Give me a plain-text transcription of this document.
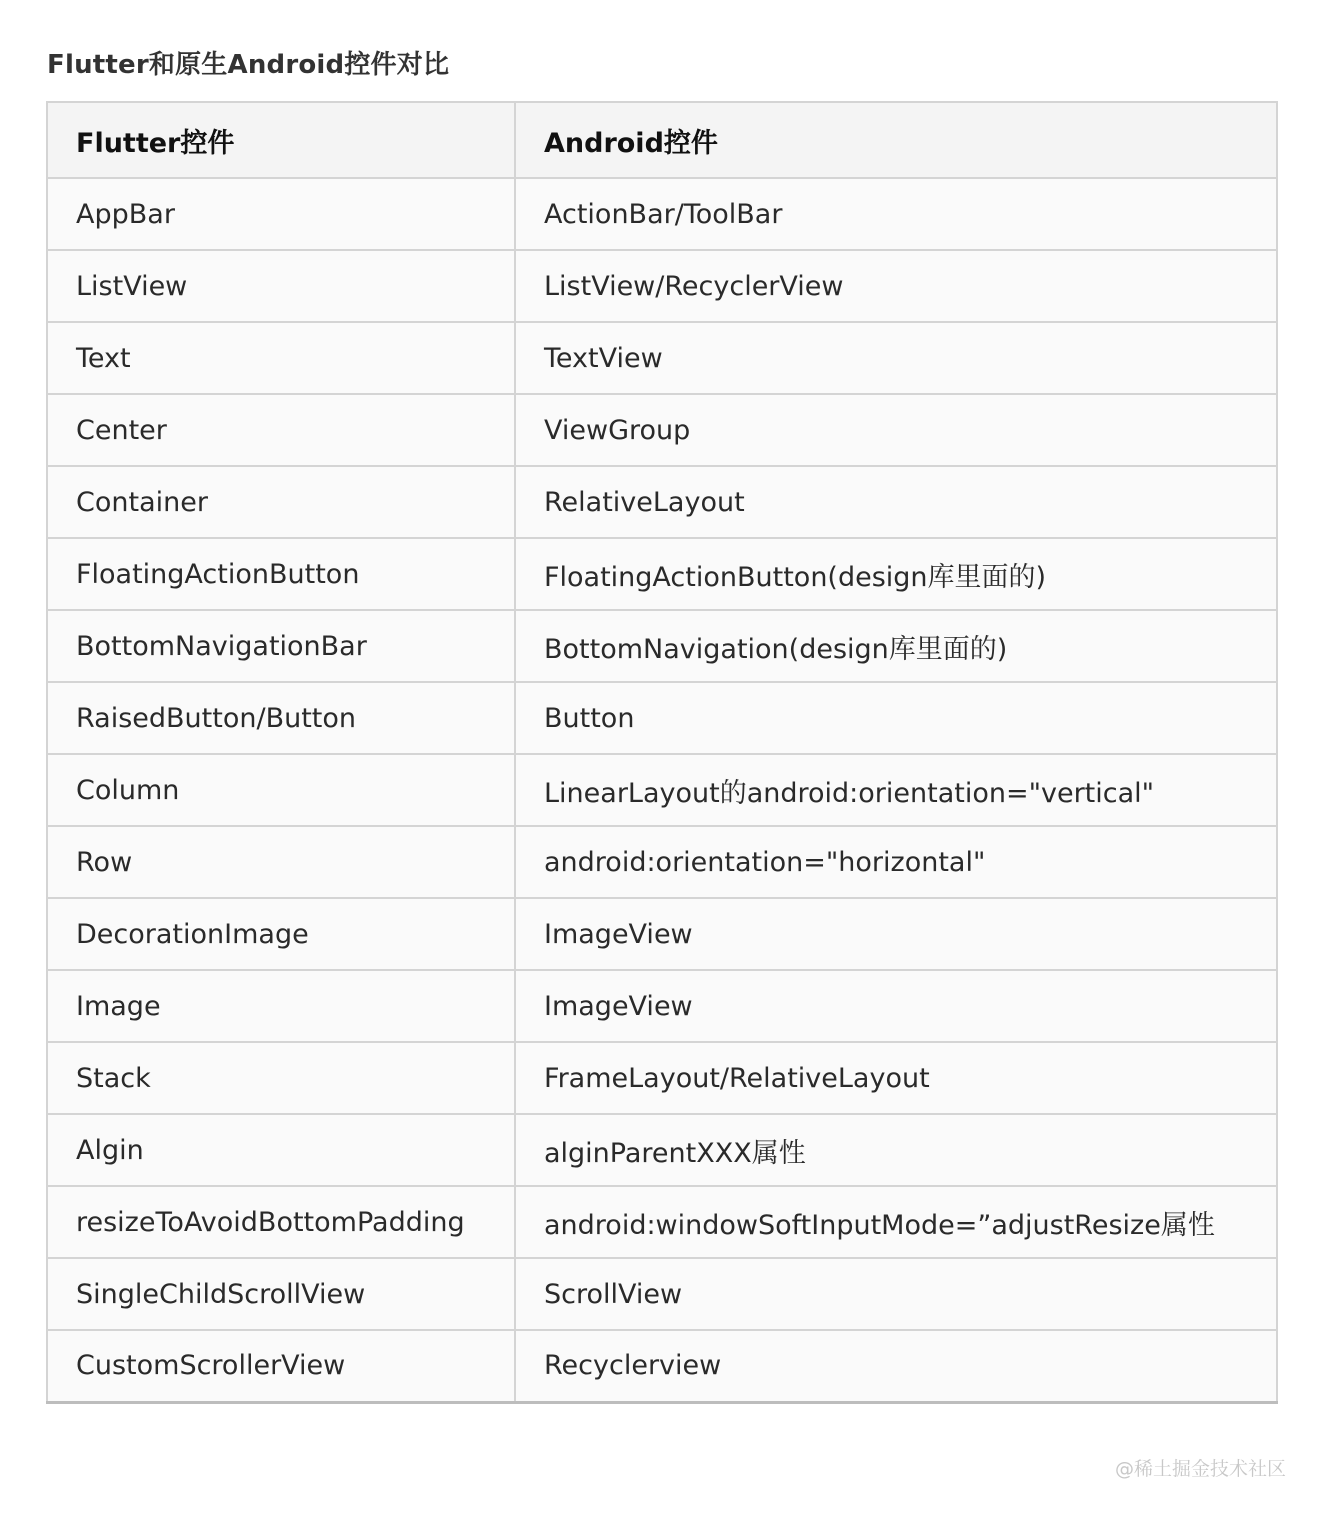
Flutter和原生Android控件对比
Flutter控件	Android控件
AppBar	ActionBar/ToolBar
ListView	ListView/RecyclerView
Text	TextView
Center	ViewGroup
Container	RelativeLayout
FloatingActionButton	FloatingActionButton(design库里面的)
BottomNavigationBar	BottomNavigation(design库里面的)
RaisedButton/Button	Button
Column	LinearLayout的android:orientation="vertical"
Row	android:orientation="horizontal"
DecorationImage	ImageView
Image	ImageView
Stack	FrameLayout/RelativeLayout
Algin	alginParentXXX属性
resizeToAvoidBottomPadding	android:windowSoftInputMode=”adjustResize属性
SingleChildScrollView	ScrollView
CustomScrollerView	Recyclerview
@稀土掘金技术社区
